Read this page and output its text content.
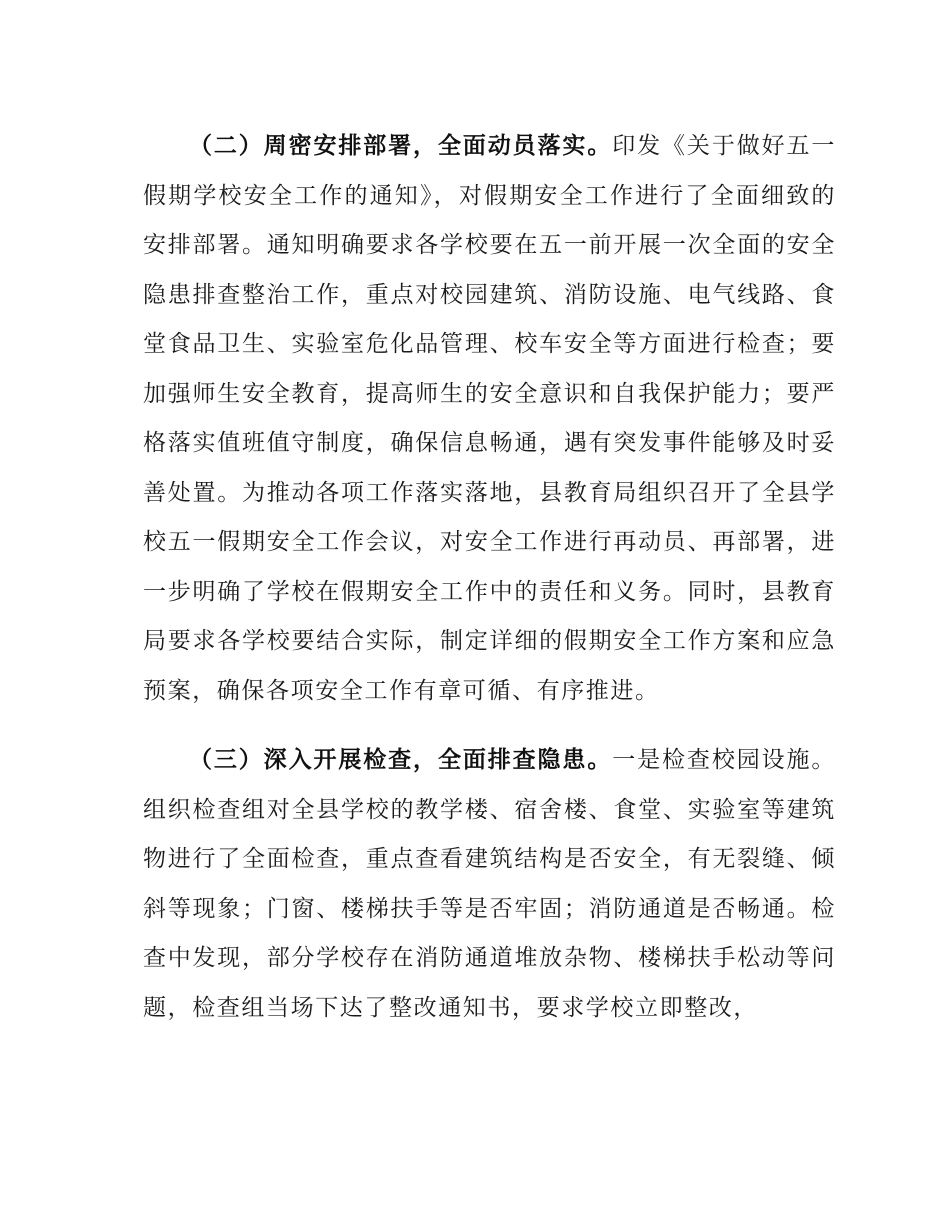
（二）周密安排部署，全面动员落实。印发《关于做好五一假期学校安全工作的通知》，对假期安全工作进行了全面细致的安排部署。通知明确要求各学校要在五一前开展一次全面的安全隐患排查整治工作，重点对校园建筑、消防设施、电气线路、食堂食品卫生、实验室危化品管理、校车安全等方面进行检查；要加强师生安全教育，提高师生的安全意识和自我保护能力；要严格落实值班值守制度，确保信息畅通，遇有突发事件能够及时妥善处置。为推动各项工作落实落地，县教育局组织召开了全县学校五一假期安全工作会议，对安全工作进行再动员、再部署，进一步明确了学校在假期安全工作中的责任和义务。同时，县教育局要求各学校要结合实际，制定详细的假期安全工作方案和应急预案，确保各项安全工作有章可循、有序推进。

（三）深入开展检查，全面排查隐患。一是检查校园设施。组织检查组对全县学校的教学楼、宿舍楼、食堂、实验室等建筑物进行了全面检查，重点查看建筑结构是否安全，有无裂缝、倾斜等现象；门窗、楼梯扶手等是否牢固；消防通道是否畅通。检查中发现，部分学校存在消防通道堆放杂物、楼梯扶手松动等问题，检查组当场下达了整改通知书，要求学校立即整改，
